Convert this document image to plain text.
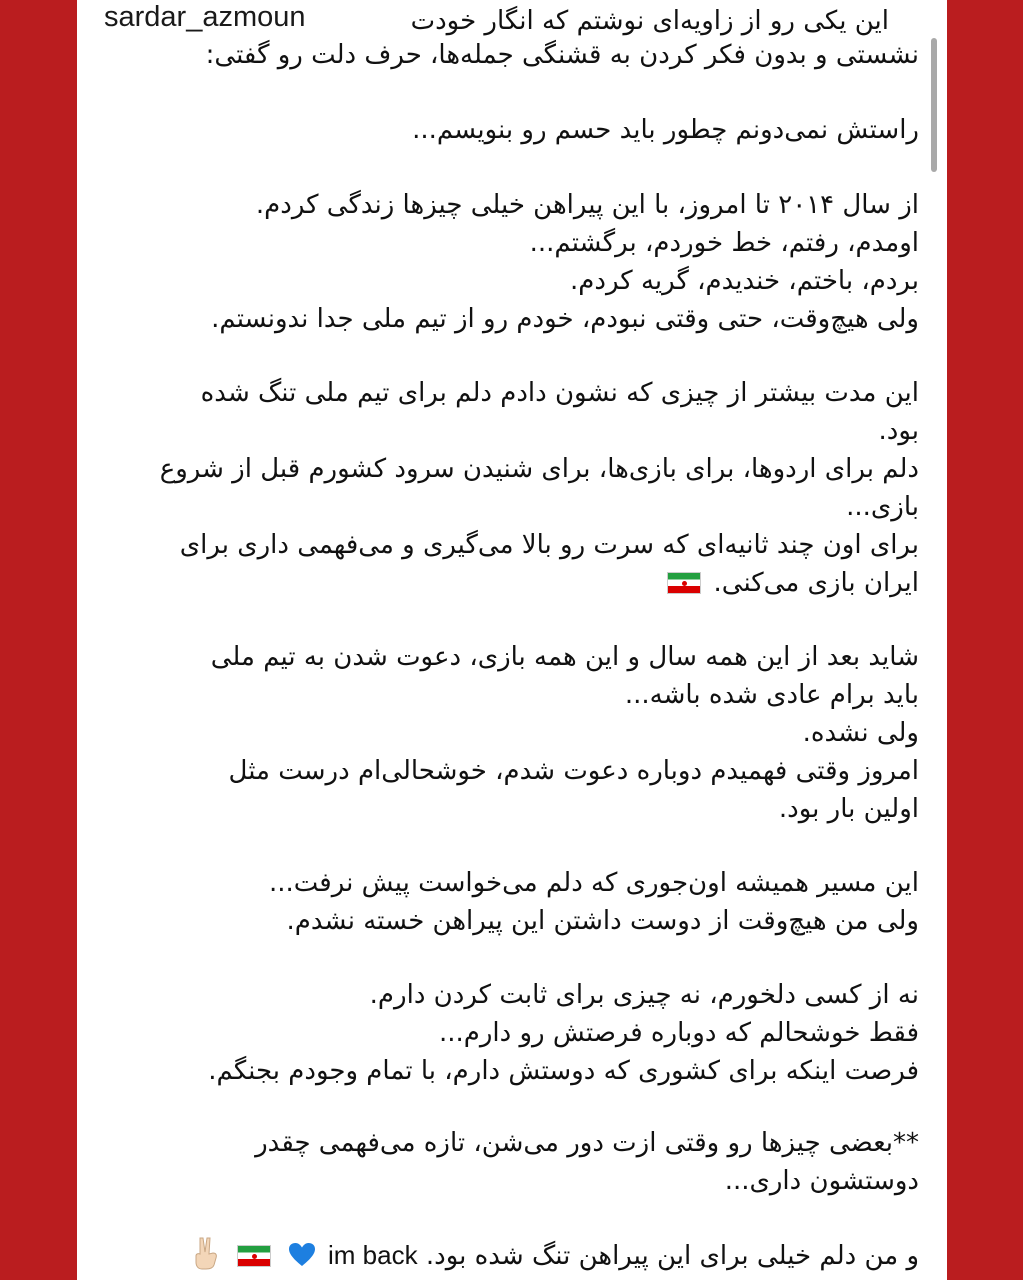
این یکی رو از زاویه‌ای نوشتم که انگار خودت
نشستی و بدون فکر کردن به قشنگی جمله‌ها، حرف دلت رو گفتی:
راستش نمی‌دونم چطور باید حسم رو بنویسم...
از سال ۲۰۱۴ تا امروز، با این پیراهن خیلی چیزها زندگی کردم.
اومدم، رفتم، خط خوردم، برگشتم...
بردم، باختم، خندیدم، گریه کردم.
ولی هیچ‌وقت، حتی وقتی نبودم، خودم رو از تیم ملی جدا ندونستم.
این مدت بیشتر از چیزی که نشون دادم دلم برای تیم ملی تنگ شده
بود.
دلم برای اردوها، برای بازی‌ها، برای شنیدن سرود کشورم قبل از شروع
بازی...
برای اون چند ثانیه‌ای که سرت رو بالا می‌گیری و می‌فهمی داری برای
ایران بازی می‌کنی.
شاید بعد از این همه سال و این همه بازی، دعوت شدن به تیم ملی
باید برام عادی شده باشه...
ولی نشده.
امروز وقتی فهمیدم دوباره دعوت شدم، خوشحالی‌ام درست مثل
اولین بار بود.
این مسیر همیشه اون‌جوری که دلم می‌خواست پیش نرفت...
ولی من هیچ‌وقت از دوست داشتن این پیراهن خسته نشدم.
نه از کسی دلخورم، نه چیزی برای ثابت کردن دارم.
فقط خوشحالم که دوباره فرصتش رو دارم...
فرصت اینکه برای کشوری که دوستش دارم، با تمام وجودم بجنگم.
**بعضی چیزها رو وقتی ازت دور می‌شن، تازه می‌فهمی چقدر
دوستشون داری...
و من دلم خیلی برای این پیراهن تنگ شده بود. im back
sardar_azmoun
